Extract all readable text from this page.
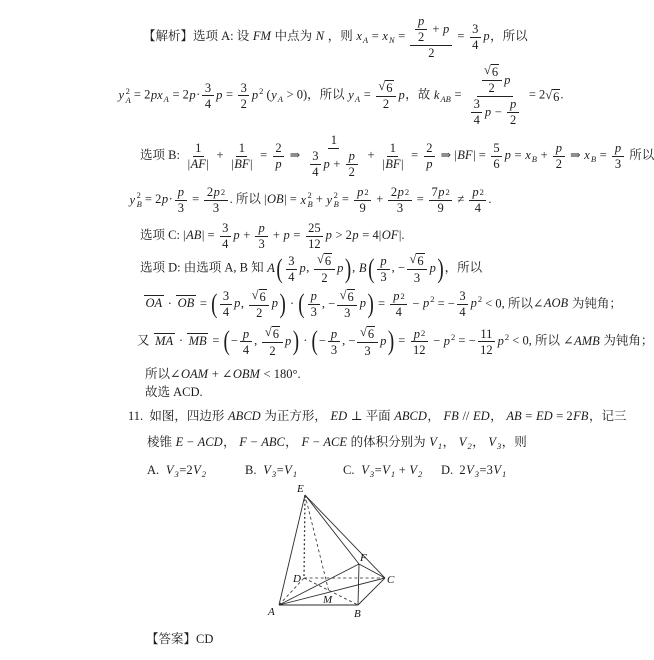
【解析】选项 A: 设 FM 中点为 N ，则 $x_A = x_N = \frac{\frac{p}{2} + p}{2} = \frac{3}{4}$ p，所以
y 2
$A = 2px_A = 2p\cdot \frac{3}{4}$ $p = \frac{3}{2} p^2$ $(y_A > 0)$，所以 $y_A = \frac{√ 6}{2}$ p，故 $k_{AB} = \frac{\frac{√ 6}{2} p}{\frac{3}{4} p - \frac{p}{2}} = 2$ √ 6 .
选项 B: $\frac{1}{| AF |} + \frac{1}{| BF |} = \frac{2}{p}$ ⇒ $\frac{1}{\frac{3}{4} p + \frac{p}{2}} + \frac{1}{| BF |} = \frac{2}{p}$ ⇒ $|BF| = \frac{5}{6}$ $p = x_B + \frac{p}{2}$ ⇒ $x_B = \frac{p}{3}$ 所以
y 2
$B = 2p\cdot \frac{p}{3} = \frac{2 p 2}{3}$ . 所以 |OB| = x 2
B + y 2
$B = \frac{p 2}{9} + \frac{2 p 2}{3} = \frac{7 p 2}{9} \ne \frac{p 2}{4}$ .
选项 C: $|AB| = \frac{3}{4}$ $p + \frac{p}{3} + p = \frac{25}{12}$ p > 2p = 4|OF|.
选项 D: 由选项 A, B 知 $A( \frac{3}{4} p$, $\frac{√ 6}{2} p$), $B( \frac{p}{3}$ , − $\frac{√ 6}{3} p$)，所以
OA · OB = ( $\frac{3}{4} p$, $\frac{√ 6}{2} p$) · ( $\frac{p}{3}$ , − $\frac{√ 6}{3} p) = \frac{p 2}{4} - p^2$ = − $\frac{3}{4} p^2 < 0$, 所以∠AOB 为钝角；
又 MA · MB = (− $\frac{p}{4}$ , $\frac{√ 6}{2} p$) · (− $\frac{p}{3}$ , − $\frac{√ 6}{3} p) = \frac{p 2}{12} - p^2$ = − $\frac{11}{12} p^2 < 0$, 所以 ∠AMB 为钝角；
所以∠OAM + ∠OBM < 180°.
故选 ACD.
11.  如图，四边形 ABCD 为正方形， ED ⊥ 平面 ABCD， FB // ED， AB = ED = 2FB，记三
棱锥 E − ACD， F − ABC， F − ACE 的体积分别为 $V_1$， $V_2$， $V_3$，则
A.  $V_3=2V_2$	B.  $V_3=V_1$	C.  $V_3=V_1 + V_2$	D.  $2V_3=3V_1$
E
A	B
C
D
F
M
【答案】CD
